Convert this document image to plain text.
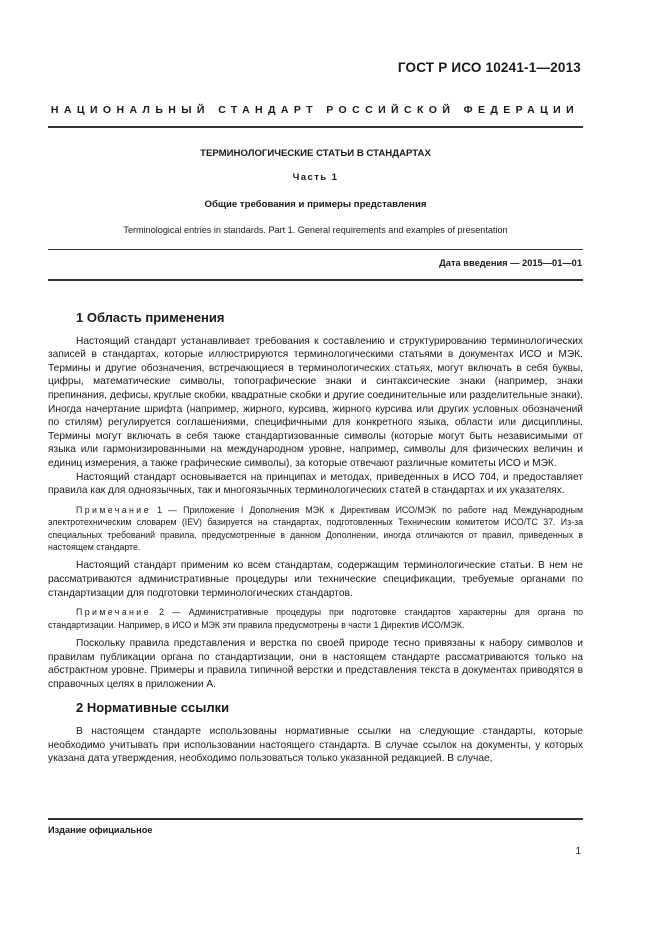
ГОСТ Р ИСО 10241-1—2013
НАЦИОНАЛЬНЫЙ СТАНДАРТ РОССИЙСКОЙ ФЕДЕРАЦИИ
ТЕРМИНОЛОГИЧЕСКИЕ СТАТЬИ В СТАНДАРТАХ
Часть 1
Общие требования и примеры представления
Terminological entries in standards. Part 1. General requirements and examples of presentation
Дата введения — 2015—01—01
1 Область применения

Настоящий стандарт устанавливает требования к составлению и структурированию терминологических записей в стандартах, которые иллюстрируются терминологическими статьями в документах ИСО и МЭК. Термины и другие обозначения, встречающиеся в терминологических статьях, могут включать в себя буквы, цифры, математические символы, топографические знаки и синтаксические знаки (например, знаки препинания, дефисы, круглые скобки, квадратные скобки и другие соединительные или разделительные знаки). Иногда начертание шрифта (например, жирного, курсива, жирного курсива или других условных обозначений по стилям) регулируется соглашениями, специфичными для конкретного языка, области или дисциплины. Термины могут включать в себя также стандартизованные символы (которые могут быть независимыми от языка или гармонизированными на международном уровне, например, символы для физических величин и единиц измерения, а также графические символы), за которые отвечают различные комитеты ИСО и МЭК.

Настоящий стандарт основывается на принципах и методах, приведенных в ИСО 704, и предоставляет правила как для одноязычных, так и многоязычных терминологических статей в стандартах и их указателях.

Примечание 1 — Приложение I Дополнения МЭК к Директивам ИСО/МЭК по работе над Международным электротехническим словарем (IEV) базируется на стандартах, подготовленных Техническим комитетом ИСО/ТС 37. Из-за специальных требований правила, предусмотренные в данном Дополнении, иногда отличаются от правил, приведенных в настоящем стандарте.

Настоящий стандарт применим ко всем стандартам, содержащим терминологические статьи. В нем не рассматриваются административные процедуры или технические спецификации, требуемые органами по стандартизации для подготовки терминологических стандартов.

Примечание 2 — Административные процедуры при подготовке стандартов характерны для органа по стандартизации. Например, в ИСО и МЭК эти правила предусмотрены в части 1 Директив ИСО/МЭК.

Поскольку правила представления и верстка по своей природе тесно привязаны к набору символов и правилам публикации органа по стандартизации, они в настоящем стандарте рассматриваются только на абстрактном уровне. Примеры и правила типичной верстки и представления текста в документах приводятся в справочных целях в приложении А.

2 Нормативные ссылки

В настоящем стандарте использованы нормативные ссылки на следующие стандарты, которые необходимо учитывать при использовании настоящего стандарта. В случае ссылок на документы, у которых указана дата утверждения, необходимо пользоваться только указанной редакцией. В случае,

Издание официальное
1
